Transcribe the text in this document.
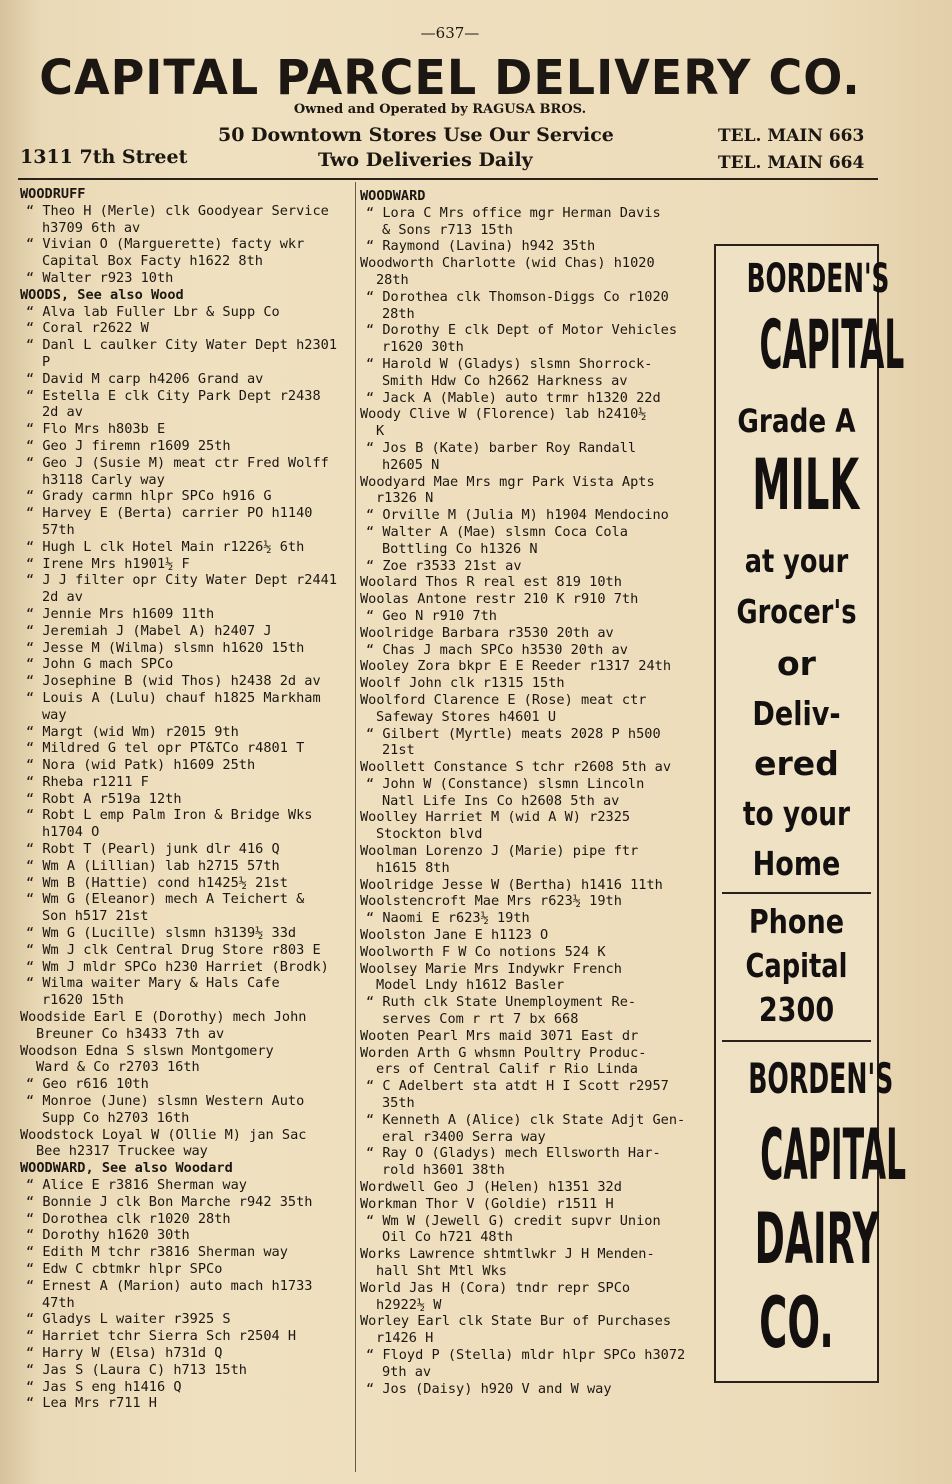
—637—
CAPITAL PARCEL DELIVERY CO.
Owned and Operated by RAGUSA BROS.
50 Downtown Stores Use Our Service
Two Deliveries Daily
1311 7th Street
TEL. MAIN 663
TEL. MAIN 664
WOODRUFF
“ Theo H (Merle) clk Goodyear Service
h3709 6th av
“ Vivian O (Marguerette) facty wkr
Capital Box Facty h1622 8th
“ Walter r923 10th
WOODS, See also Wood
“ Alva lab Fuller Lbr & Supp Co
“ Coral r2622 W
“ Danl L caulker City Water Dept h2301
P
“ David M carp h4206 Grand av
“ Estella E clk City Park Dept r2438
2d av
“ Flo Mrs h803b E
“ Geo J firemn r1609 25th
“ Geo J (Susie M) meat ctr Fred Wolff
h3118 Carly way
“ Grady carmn hlpr SPCo h916 G
“ Harvey E (Berta) carrier PO h1140
57th
“ Hugh L clk Hotel Main r1226½ 6th
“ Irene Mrs h1901½ F
“ J J filter opr City Water Dept r2441
2d av
“ Jennie Mrs h1609 11th
“ Jeremiah J (Mabel A) h2407 J
“ Jesse M (Wilma) slsmn h1620 15th
“ John G mach SPCo
“ Josephine B (wid Thos) h2438 2d av
“ Louis A (Lulu) chauf h1825 Markham
way
“ Margt (wid Wm) r2015 9th
“ Mildred G tel opr PT&TCo r4801 T
“ Nora (wid Patk) h1609 25th
“ Rheba r1211 F
“ Robt A r519a 12th
“ Robt L emp Palm Iron & Bridge Wks
h1704 O
“ Robt T (Pearl) junk dlr 416 Q
“ Wm A (Lillian) lab h2715 57th
“ Wm B (Hattie) cond h1425½ 21st
“ Wm G (Eleanor) mech A Teichert &
Son h517 21st
“ Wm G (Lucille) slsmn h3139½ 33d
“ Wm J clk Central Drug Store r803 E
“ Wm J mldr SPCo h230 Harriet (Brodk)
“ Wilma waiter Mary & Hals Cafe
r1620 15th
Woodside Earl E (Dorothy) mech John
Breuner Co h3433 7th av
Woodson Edna S slswn Montgomery
Ward & Co r2703 16th
“ Geo r616 10th
“ Monroe (June) slsmn Western Auto
Supp Co h2703 16th
Woodstock Loyal W (Ollie M) jan Sac
Bee h2317 Truckee way
WOODWARD, See also Woodard
“ Alice E r3816 Sherman way
“ Bonnie J clk Bon Marche r942 35th
“ Dorothea clk r1020 28th
“ Dorothy h1620 30th
“ Edith M tchr r3816 Sherman way
“ Edw C cbtmkr hlpr SPCo
“ Ernest A (Marion) auto mach h1733
47th
“ Gladys L waiter r3925 S
“ Harriet tchr Sierra Sch r2504 H
“ Harry W (Elsa) h731d Q
“ Jas S (Laura C) h713 15th
“ Jas S eng h1416 Q
“ Lea Mrs r711 H
WOODWARD
“ Lora C Mrs office mgr Herman Davis
& Sons r713 15th
“ Raymond (Lavina) h942 35th
Woodworth Charlotte (wid Chas) h1020
28th
“ Dorothea clk Thomson-Diggs Co r1020
28th
“ Dorothy E clk Dept of Motor Vehicles
r1620 30th
“ Harold W (Gladys) slsmn Shorrock-
Smith Hdw Co h2662 Harkness av
“ Jack A (Mable) auto trmr h1320 22d
Woody Clive W (Florence) lab h2410½
K
“ Jos B (Kate) barber Roy Randall
h2605 N
Woodyard Mae Mrs mgr Park Vista Apts
r1326 N
“ Orville M (Julia M) h1904 Mendocino
“ Walter A (Mae) slsmn Coca Cola
Bottling Co h1326 N
“ Zoe r3533 21st av
Woolard Thos R real est 819 10th
Woolas Antone restr 210 K r910 7th
“ Geo N r910 7th
Woolridge Barbara r3530 20th av
“ Chas J mach SPCo h3530 20th av
Wooley Zora bkpr E E Reeder r1317 24th
Woolf John clk r1315 15th
Woolford Clarence E (Rose) meat ctr
Safeway Stores h4601 U
“ Gilbert (Myrtle) meats 2028 P h500
21st
Woollett Constance S tchr r2608 5th av
“ John W (Constance) slsmn Lincoln
Natl Life Ins Co h2608 5th av
Woolley Harriet M (wid A W) r2325
Stockton blvd
Woolman Lorenzo J (Marie) pipe ftr
h1615 8th
Woolridge Jesse W (Bertha) h1416 11th
Woolstencroft Mae Mrs r623½ 19th
“ Naomi E r623½ 19th
Woolston Jane E h1123 O
Woolworth F W Co notions 524 K
Woolsey Marie Mrs Indywkr French
Model Lndy h1612 Basler
“ Ruth clk State Unemployment Re-
serves Com r rt 7 bx 668
Wooten Pearl Mrs maid 3071 East dr
Worden Arth G whsmn Poultry Produc-
ers of Central Calif r Rio Linda
“ C Adelbert sta atdt H I Scott r2957
35th
“ Kenneth A (Alice) clk State Adjt Gen-
eral r3400 Serra way
“ Ray O (Gladys) mech Ellsworth Har-
rold h3601 38th
Wordwell Geo J (Helen) h1351 32d
Workman Thor V (Goldie) r1511 H
“ Wm W (Jewell G) credit supvr Union
Oil Co h721 48th
Works Lawrence shtmtlwkr J H Menden-
hall Sht Mtl Wks
World Jas H (Cora) tndr repr SPCo
h2922½ W
Worley Earl clk State Bur of Purchases
r1426 H
“ Floyd P (Stella) mldr hlpr SPCo h3072
9th av
“ Jos (Daisy) h920 V and W way
BORDEN'S
CAPITAL
Grade A
MILK
at your
Grocer's
or
Deliv-
ered
to your
Home
Phone
Capital
2300
BORDEN'S
CAPITAL
DAIRY
CO.
